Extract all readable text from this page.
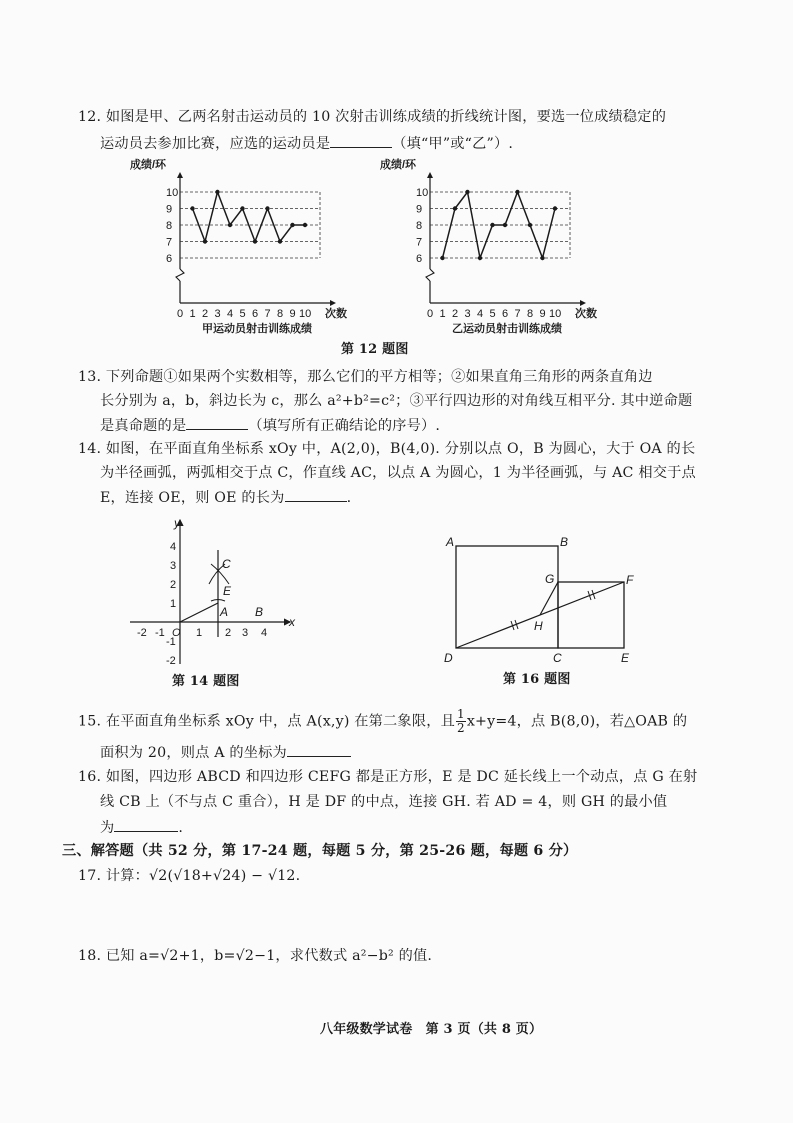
12. 如图是甲、乙两名射击运动员的 10 次射击训练成绩的折线统计图，要选一位成绩稳定的
运动员去参加比赛，应选的运动员是	（填“甲”或“乙”）.
成绩/环
6
7
8
9
10
0 1 2 3 4 5 6 7 8 9 10 次数
甲运动员射击训练成绩
成绩/环
6
7
8
9
10
0 1 2 3 4 5 6 7 8 9 10 次数
乙运动员射击训练成绩
第 12 题图
13. 下列命题①如果两个实数相等，那么它们的平方相等；②如果直角三角形的两条直角边
长分别为 a，b，斜边长为 c，那么 a²+b²=c²；③平行四边形的对角线互相平分. 其中逆命题
是真命题的是	（填写所有正确结论的序号）.
14. 如图，在平面直角坐标系 xOy 中，A(2,0)，B(4,0). 分别以点 O，B 为圆心，大于 OA 的长
为半径画弧，两弧相交于点 C，作直线 AC，以点 A 为圆心，1 为半径画弧，与 AC 相交于点
E，连接 OE，则 OE 的长为	.
x
y
-2 -1 O 1 2 3 4
4
3
2
1
-1
-2
C
E
A B
第 14 题图
A	B
G	F
H
D	C	E
第 16 题图
15. 在平面直角坐标系 xOy 中，点 A(x,y) 在第二象限，且 $\frac{1}{2} x+y=4$，点 B(8,0)，若△OAB 的
面积为 20，则点 A 的坐标为
16. 如图，四边形 ABCD 和四边形 CEFG 都是正方形，E 是 DC 延长线上一个动点，点 G 在射
线 CB 上（不与点 C 重合），H 是 DF 的中点，连接 GH. 若 AD = 4，则 GH 的最小值
为	.
三、解答题（共 52 分，第 17-24 题，每题 5 分，第 25-26 题，每题 6 分）
17. 计算：√2(√18+√24) − √12.
18. 已知 a=√2+1，b=√2−1，求代数式 a²−b² 的值.
八年级数学试卷　第 3 页（共 8 页）
